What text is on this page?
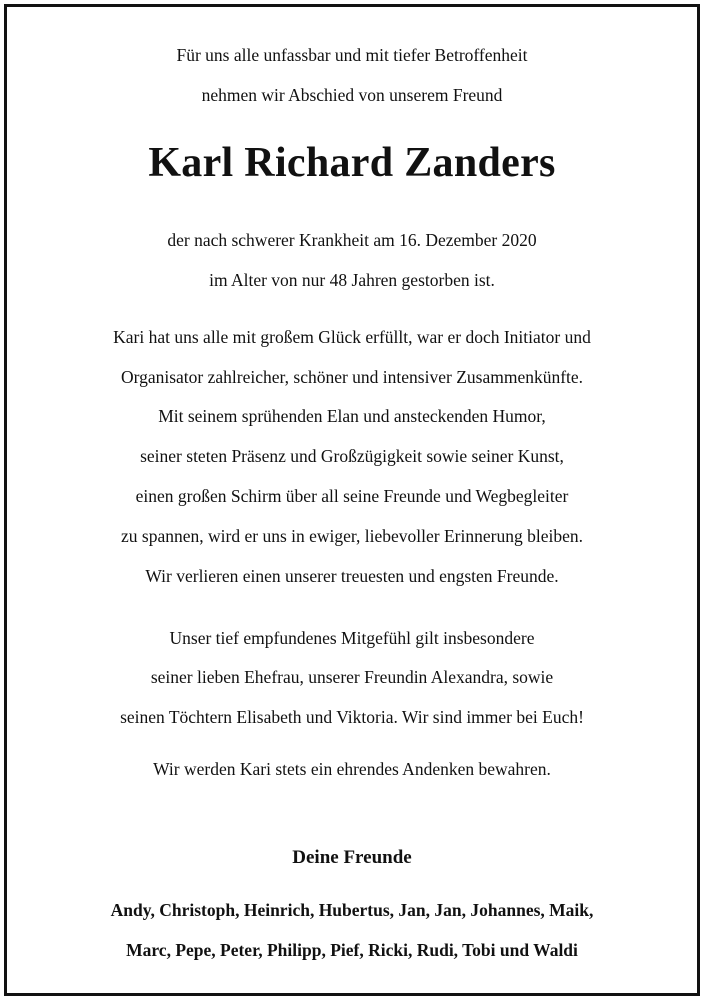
Für uns alle unfassbar und mit tiefer Betroffenheit
nehmen wir Abschied von unserem Freund
Karl Richard Zanders
der nach schwerer Krankheit am 16. Dezember 2020
im Alter von nur 48 Jahren gestorben ist.
Kari hat uns alle mit großem Glück erfüllt, war er doch Initiator und
Organisator zahlreicher, schöner und intensiver Zusammenkünfte.
Mit seinem sprühenden Elan und ansteckenden Humor,
seiner steten Präsenz und Großzügigkeit sowie seiner Kunst,
einen großen Schirm über all seine Freunde und Wegbegleiter
zu spannen, wird er uns in ewiger, liebevoller Erinnerung bleiben.
Wir verlieren einen unserer treuesten und engsten Freunde.
Unser tief empfundenes Mitgefühl gilt insbesondere
seiner lieben Ehefrau, unserer Freundin Alexandra, sowie
seinen Töchtern Elisabeth und Viktoria. Wir sind immer bei Euch!
Wir werden Kari stets ein ehrendes Andenken bewahren.
Deine Freunde
Andy, Christoph, Heinrich, Hubertus, Jan, Jan, Johannes, Maik,
Marc, Pepe, Peter, Philipp, Pief, Ricki, Rudi, Tobi und Waldi
